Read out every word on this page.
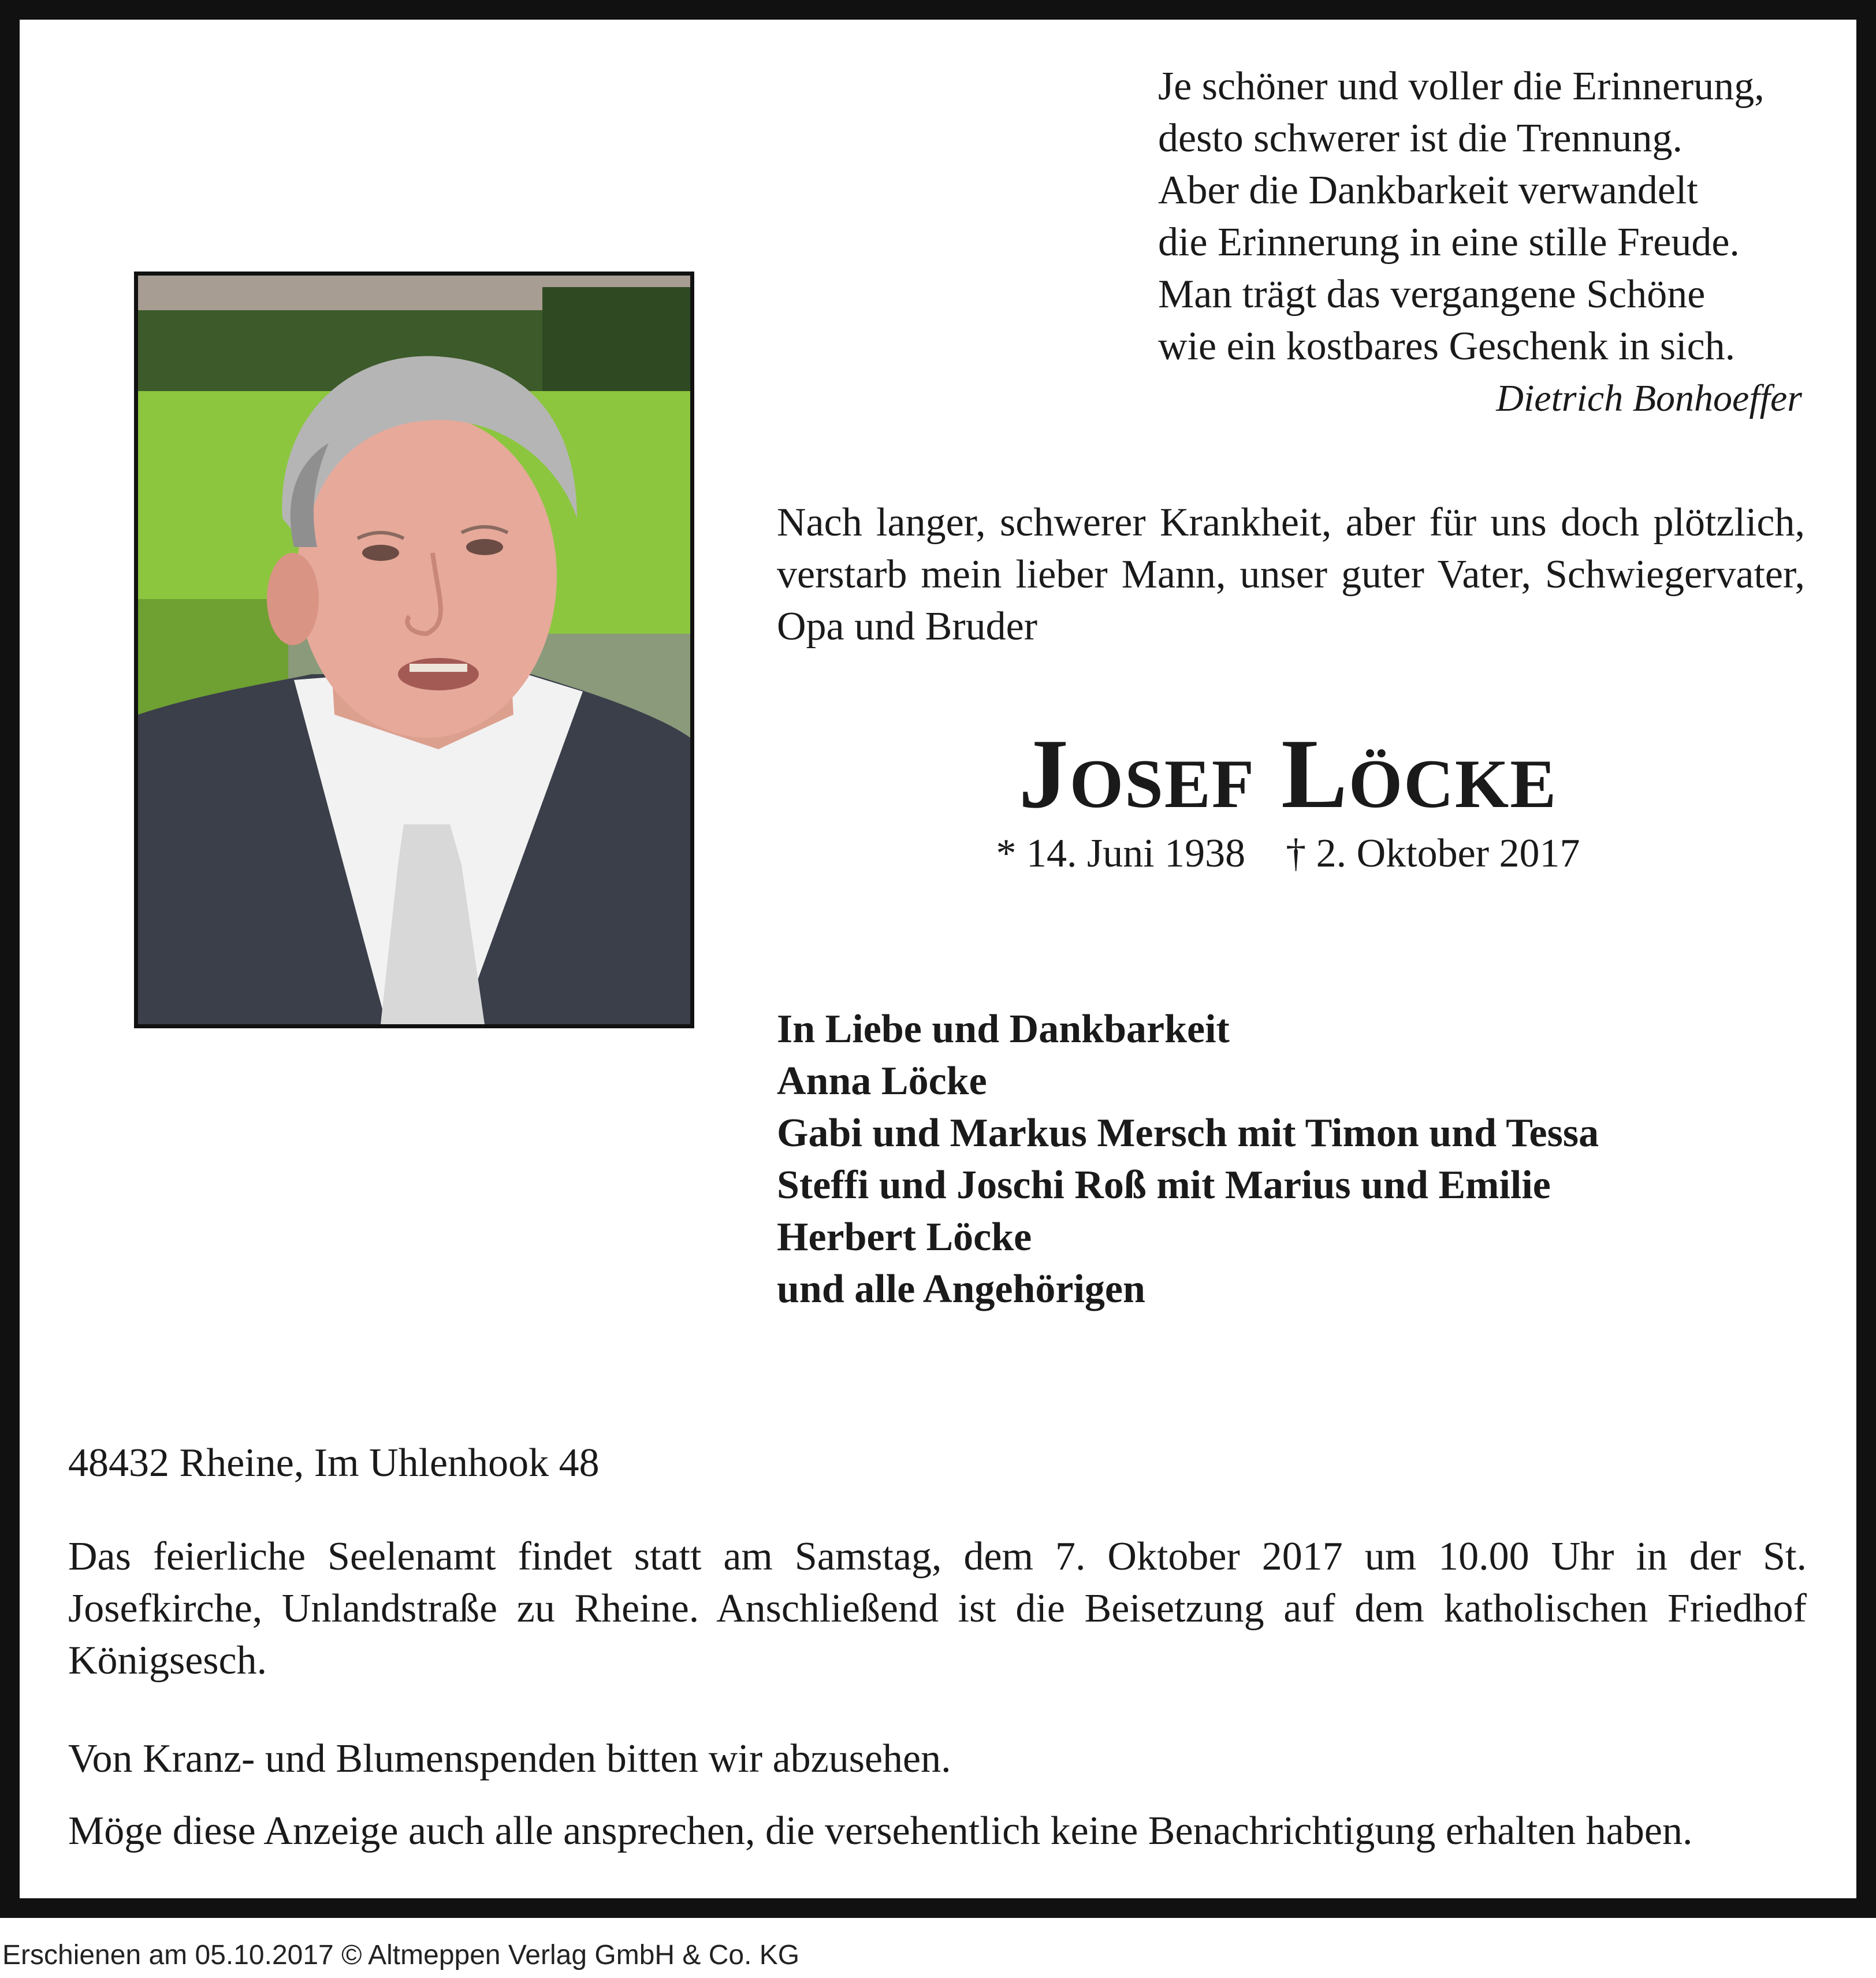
Je schöner und voller die Erinnerung,
desto schwerer ist die Trennung.
Aber die Dankbarkeit verwandelt
die Erinnerung in eine stille Freude.
Man trägt das vergangene Schöne
wie ein kostbares Geschenk in sich.
Dietrich Bonhoeffer
Nach langer, schwerer Krankheit, aber für uns doch plötzlich, verstarb mein lieber Mann, unser guter Vater, Schwiegervater, Opa und Bruder
Josef Löcke
* 14. Juni 1938 † 2. Oktober 2017
In Liebe und Dankbarkeit
Anna Löcke
Gabi und Markus Mersch mit Timon und Tessa
Steffi und Joschi Roß mit Marius und Emilie
Herbert Löcke
und alle Angehörigen
48432 Rheine, Im Uhlenhook 48
Das feierliche Seelenamt findet statt am Samstag, dem 7. Oktober 2017 um 10.00 Uhr in der St. Josefkirche, Unlandstraße zu Rheine. Anschließend ist die Beisetzung auf dem katholischen Friedhof Königsesch.
Von Kranz- und Blumenspenden bitten wir abzusehen.
Möge diese Anzeige auch alle ansprechen, die versehentlich keine Benachrichtigung erhalten haben.
Erschienen am 05.10.2017 © Altmeppen Verlag GmbH & Co. KG
